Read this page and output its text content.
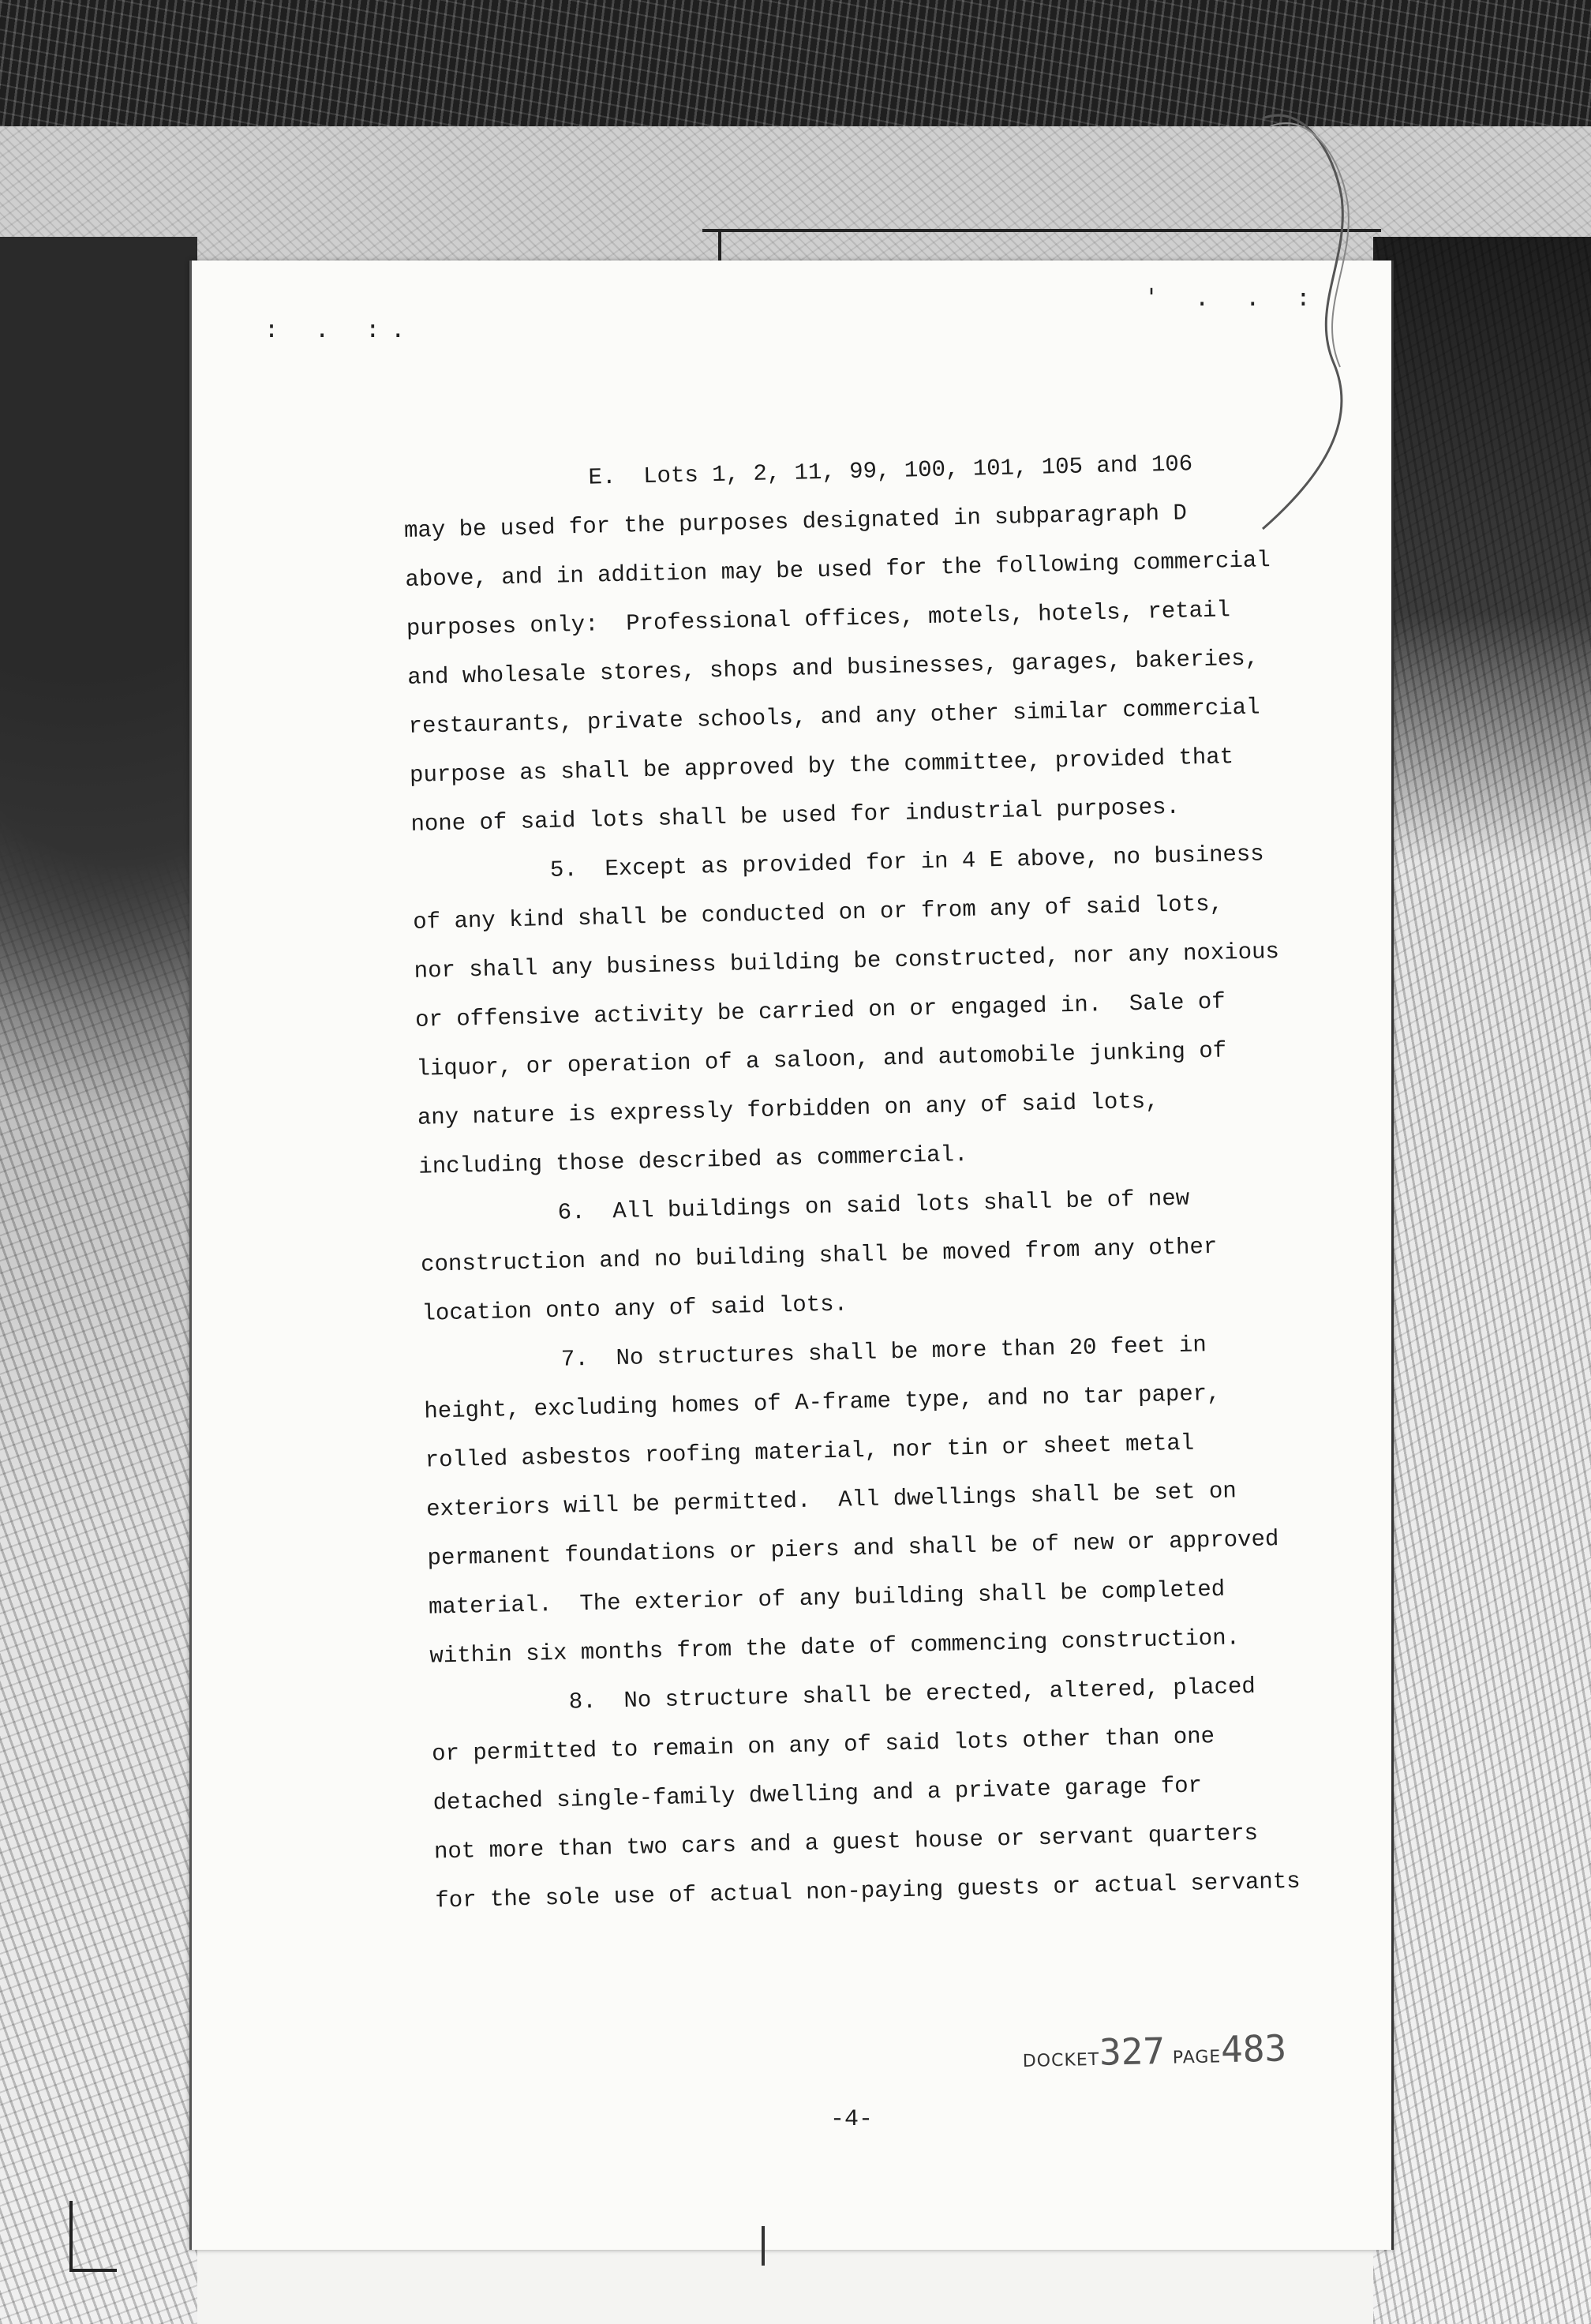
: . :.
' . . :
E.  Lots 1, 2, 11, 99, 100, 101, 105 and 106
may be used for the purposes designated in subparagraph D
above, and in addition may be used for the following commercial
purposes only:  Professional offices, motels, hotels, retail
and wholesale stores, shops and businesses, garages, bakeries,
restaurants, private schools, and any other similar commercial
purpose as shall be approved by the committee, provided that
none of said lots shall be used for industrial purposes.
5.  Except as provided for in 4 E above, no business
of any kind shall be conducted on or from any of said lots,
nor shall any business building be constructed, nor any noxious
or offensive activity be carried on or engaged in.  Sale of
liquor, or operation of a saloon, and automobile junking of
any nature is expressly forbidden on any of said lots,
including those described as commercial.
6.  All buildings on said lots shall be of new
construction and no building shall be moved from any other
location onto any of said lots.
7.  No structures shall be more than 20 feet in
height, excluding homes of A-frame type, and no tar paper,
rolled asbestos roofing material, nor tin or sheet metal
exteriors will be permitted.  All dwellings shall be set on
permanent foundations or piers and shall be of new or approved
material.  The exterior of any building shall be completed
within six months from the date of commencing construction.
8.  No structure shall be erected, altered, placed
or permitted to remain on any of said lots other than one
detached single-family dwelling and a private garage for
not more than two cars and a guest house or servant quarters
for the sole use of actual non-paying guests or actual servants
DOCKET327 PAGE483
-4-
